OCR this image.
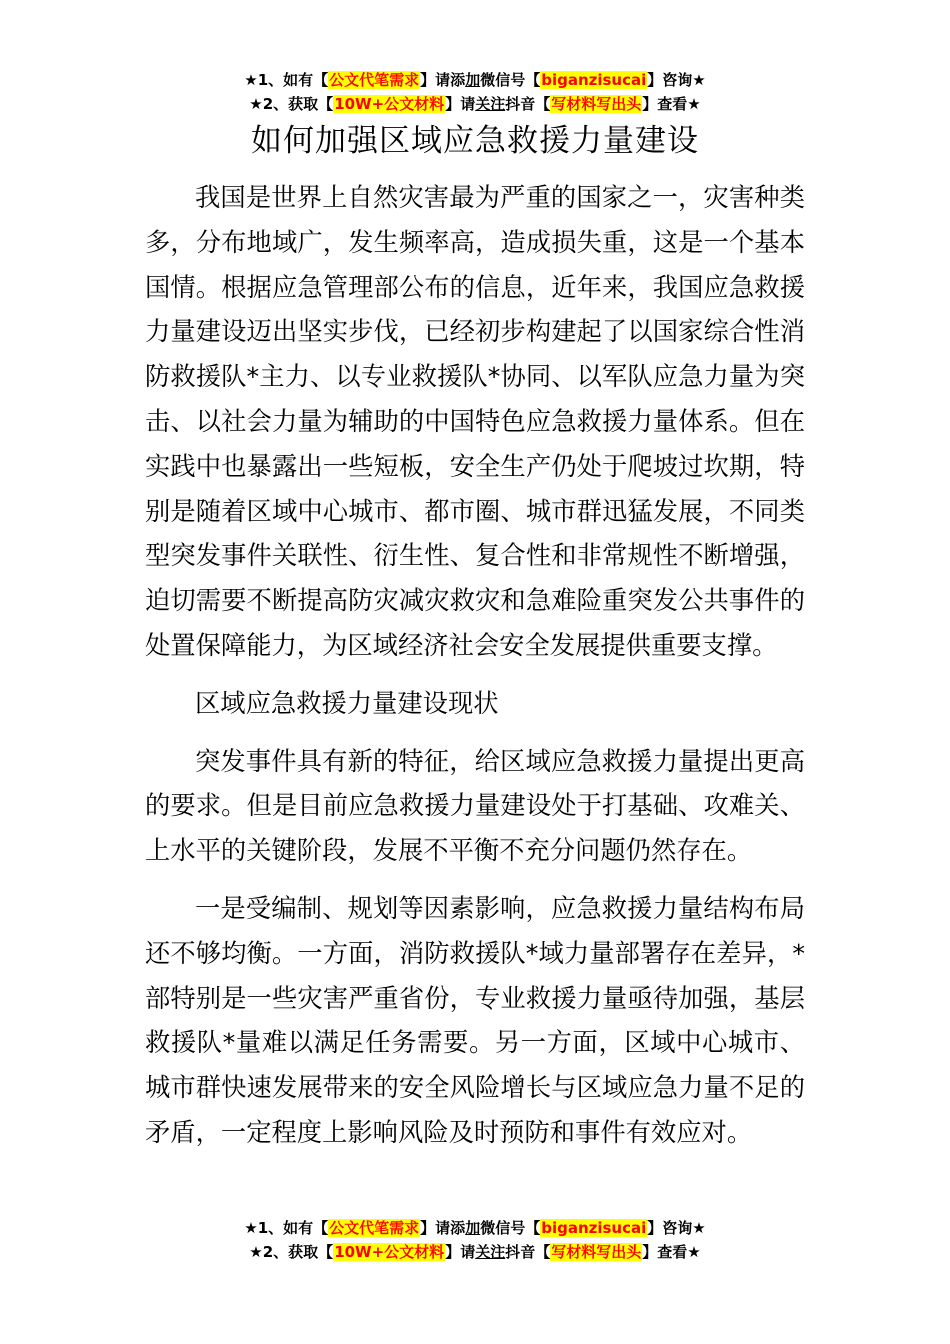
★1、如有【公文代笔需求】请添加微信号【biganzisucai】咨询★
★2、获取【10W+公文材料】请关注抖音【写材料写出头】查看★
如何加强区域应急救援力量建设

我国是世界上自然灾害最为严重的国家之一，灾害种类多，分布地域广，发生频率高，造成损失重，这是一个基本国情。根据应急管理部公布的信息，近年来，我国应急救援力量建设迈出坚实步伐，已经初步构建起了以国家综合性消防救援队*主力、以专业救援队*协同、以军队应急力量为突击、以社会力量为辅助的中国特色应急救援力量体系。但在实践中也暴露出一些短板，安全生产仍处于爬坡过坎期，特别是随着区域中心城市、都市圈、城市群迅猛发展，不同类型突发事件关联性、衍生性、复合性和非常规性不断增强，迫切需要不断提高防灾减灾救灾和急难险重突发公共事件的处置保障能力，为区域经济社会安全发展提供重要支撑。

区域应急救援力量建设现状

突发事件具有新的特征，给区域应急救援力量提出更高的要求。但是目前应急救援力量建设处于打基础、攻难关、上水平的关键阶段，发展不平衡不充分问题仍然存在。

一是受编制、规划等因素影响，应急救援力量结构布局还不够均衡。一方面，消防救援队*域力量部署存在差异，*部特别是一些灾害严重省份，专业救援力量亟待加强，基层救援队*量难以满足任务需要。另一方面，区域中心城市、城市群快速发展带来的安全风险增长与区域应急力量不足的矛盾，一定程度上影响风险及时预防和事件有效应对。

★1、如有【公文代笔需求】请添加微信号【biganzisucai】咨询★
★2、获取【10W+公文材料】请关注抖音【写材料写出头】查看★
